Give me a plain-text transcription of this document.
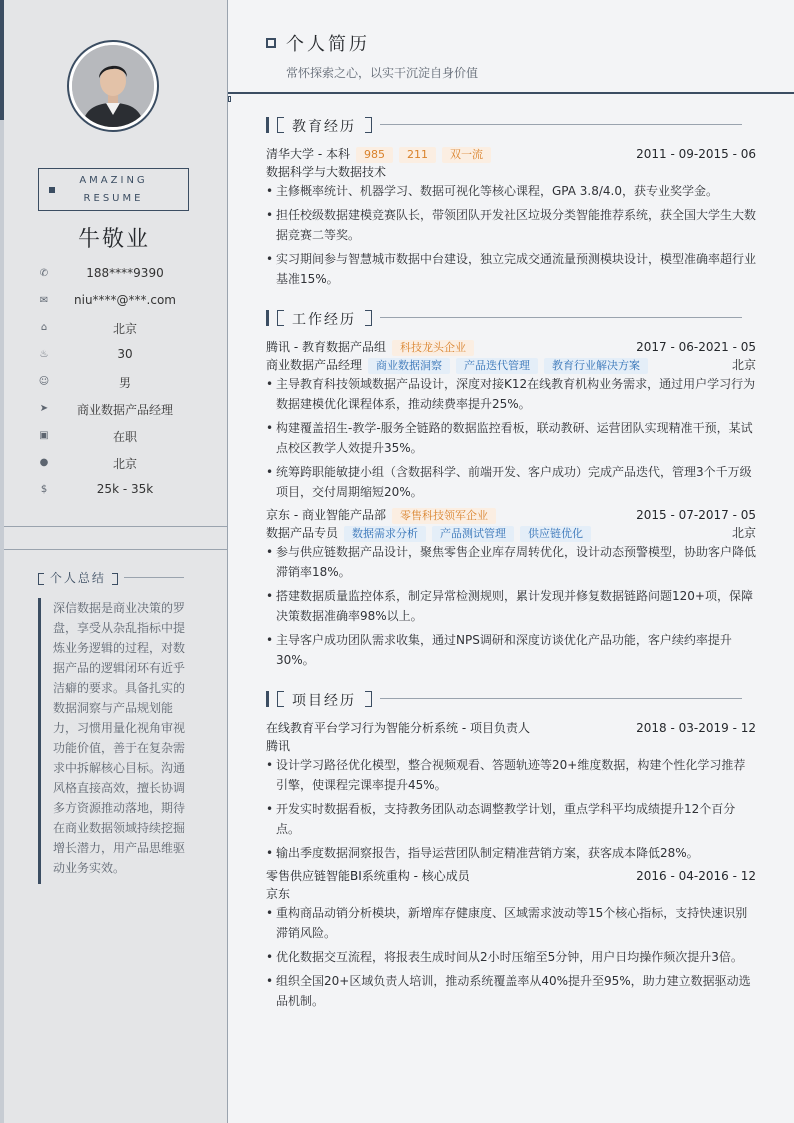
AMAZING
RESUME
牛敬业
✆	188****9390
✉	niu****@***.com
⌂	北京
♨	30
☺	男
➤	商业数据产品经理
▣	在职
●	北京
$	25k - 35k
个人总结
深信数据是商业决策的罗盘，享受从杂乱指标中提炼业务逻辑的过程，对数据产品的逻辑闭环有近乎洁癖的要求。具备扎实的数据洞察与产品规划能力，习惯用量化视角审视功能价值，善于在复杂需求中拆解核心目标。沟通风格直接高效，擅长协调多方资源推动落地，期待在商业数据领域持续挖掘增长潜力，用产品思维驱动业务实效。
个人简历
常怀探索之心，以实干沉淀自身价值
教育经历
清华大学 - 本科 985 211 双一流	2011 - 09-2015 - 06
数据科学与大数据技术
• 主修概率统计、机器学习、数据可视化等核心课程，GPA 3.8/4.0，获专业奖学金。
• 担任校级数据建模竞赛队长，带领团队开发社区垃圾分类智能推荐系统，获全国大学生大数据竞赛二等奖。
• 实习期间参与智慧城市数据中台建设，独立完成交通流量预测模块设计，模型准确率超行业基准15%。
工作经历
腾讯 - 教育数据产品组 科技龙头企业	2017 - 06-2021 - 05
商业数据产品经理 商业数据洞察 产品迭代管理 教育行业解决方案	北京
• 主导教育科技领域数据产品设计，深度对接K12在线教育机构业务需求，通过用户学习行为数据建模优化课程体系，推动续费率提升25%。
• 构建覆盖招生-教学-服务全链路的数据监控看板，联动教研、运营团队实现精准干预，某试点校区教学人效提升35%。
• 统筹跨职能敏捷小组（含数据科学、前端开发、客户成功）完成产品迭代，管理3个千万级项目，交付周期缩短20%。
京东 - 商业智能产品部 零售科技领军企业	2015 - 07-2017 - 05
数据产品专员 数据需求分析 产品测试管理 供应链优化	北京
• 参与供应链数据产品设计，聚焦零售企业库存周转优化，设计动态预警模型，协助客户降低滞销率18%。
• 搭建数据质量监控体系，制定异常检测规则，累计发现并修复数据链路问题120+项，保障决策数据准确率98%以上。
• 主导客户成功团队需求收集，通过NPS调研和深度访谈优化产品功能，客户续约率提升30%。
项目经历
在线教育平台学习行为智能分析系统 - 项目负责人	2018 - 03-2019 - 12
腾讯
• 设计学习路径优化模型，整合视频观看、答题轨迹等20+维度数据，构建个性化学习推荐引擎，使课程完课率提升45%。
• 开发实时数据看板，支持教务团队动态调整教学计划，重点学科平均成绩提升12个百分点。
• 输出季度数据洞察报告，指导运营团队制定精准营销方案，获客成本降低28%。
零售供应链智能BI系统重构 - 核心成员	2016 - 04-2016 - 12
京东
• 重构商品动销分析模块，新增库存健康度、区域需求波动等15个核心指标，支持快速识别滞销风险。
• 优化数据交互流程，将报表生成时间从2小时压缩至5分钟，用户日均操作频次提升3倍。
• 组织全国20+区域负责人培训，推动系统覆盖率从40%提升至95%，助力建立数据驱动选品机制。
